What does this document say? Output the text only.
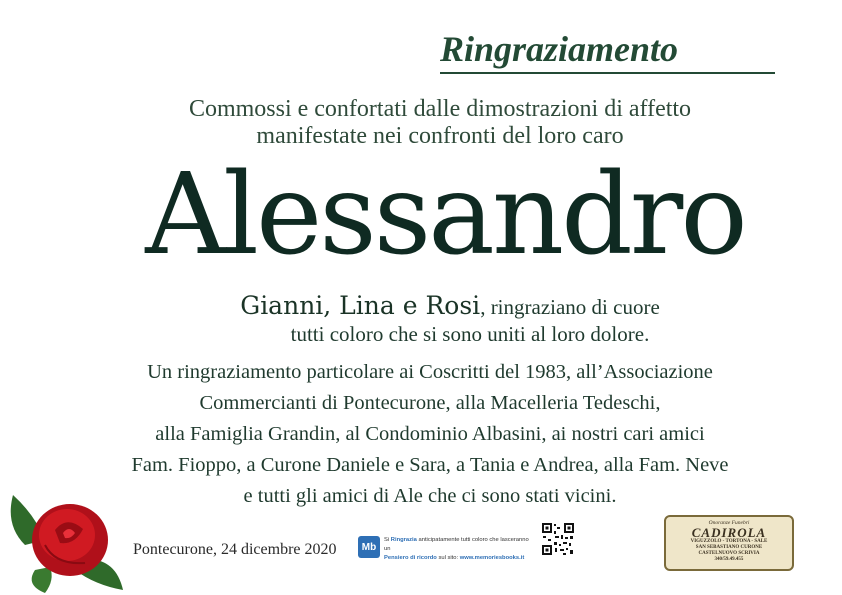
Ringraziamento
Commossi e confortati dalle dimostrazioni di affetto
manifestate nei confronti del loro caro
Alessandro
Gianni, Lina e Rosi, ringraziano di cuore
tutti coloro che si sono uniti al loro dolore.
Un ringraziamento particolare ai Coscritti del 1983, all’Associazione
Commercianti di Pontecurone, alla Macelleria Tedeschi,
alla Famiglia Grandin, al Condominio Albasini, ai nostri cari amici
Fam. Fioppo, a Curone Daniele e Sara, a Tania e Andrea, alla Fam. Neve
e tutti gli amici di Ale che ci sono stati vicini.
Pontecurone, 24 dicembre 2020	Mb
Si Ringrazia anticipatamente tutti coloro che lasceranno un
Pensiero di ricordo sul sito: www.memoriesbooks.it
Onoranze Funebri
CADIROLA
VIGUZZOLO - TORTONA - SALE
SAN SEBASTIANO CURONE
CASTELNUOVO SCRIVIA
340/59.49.455
